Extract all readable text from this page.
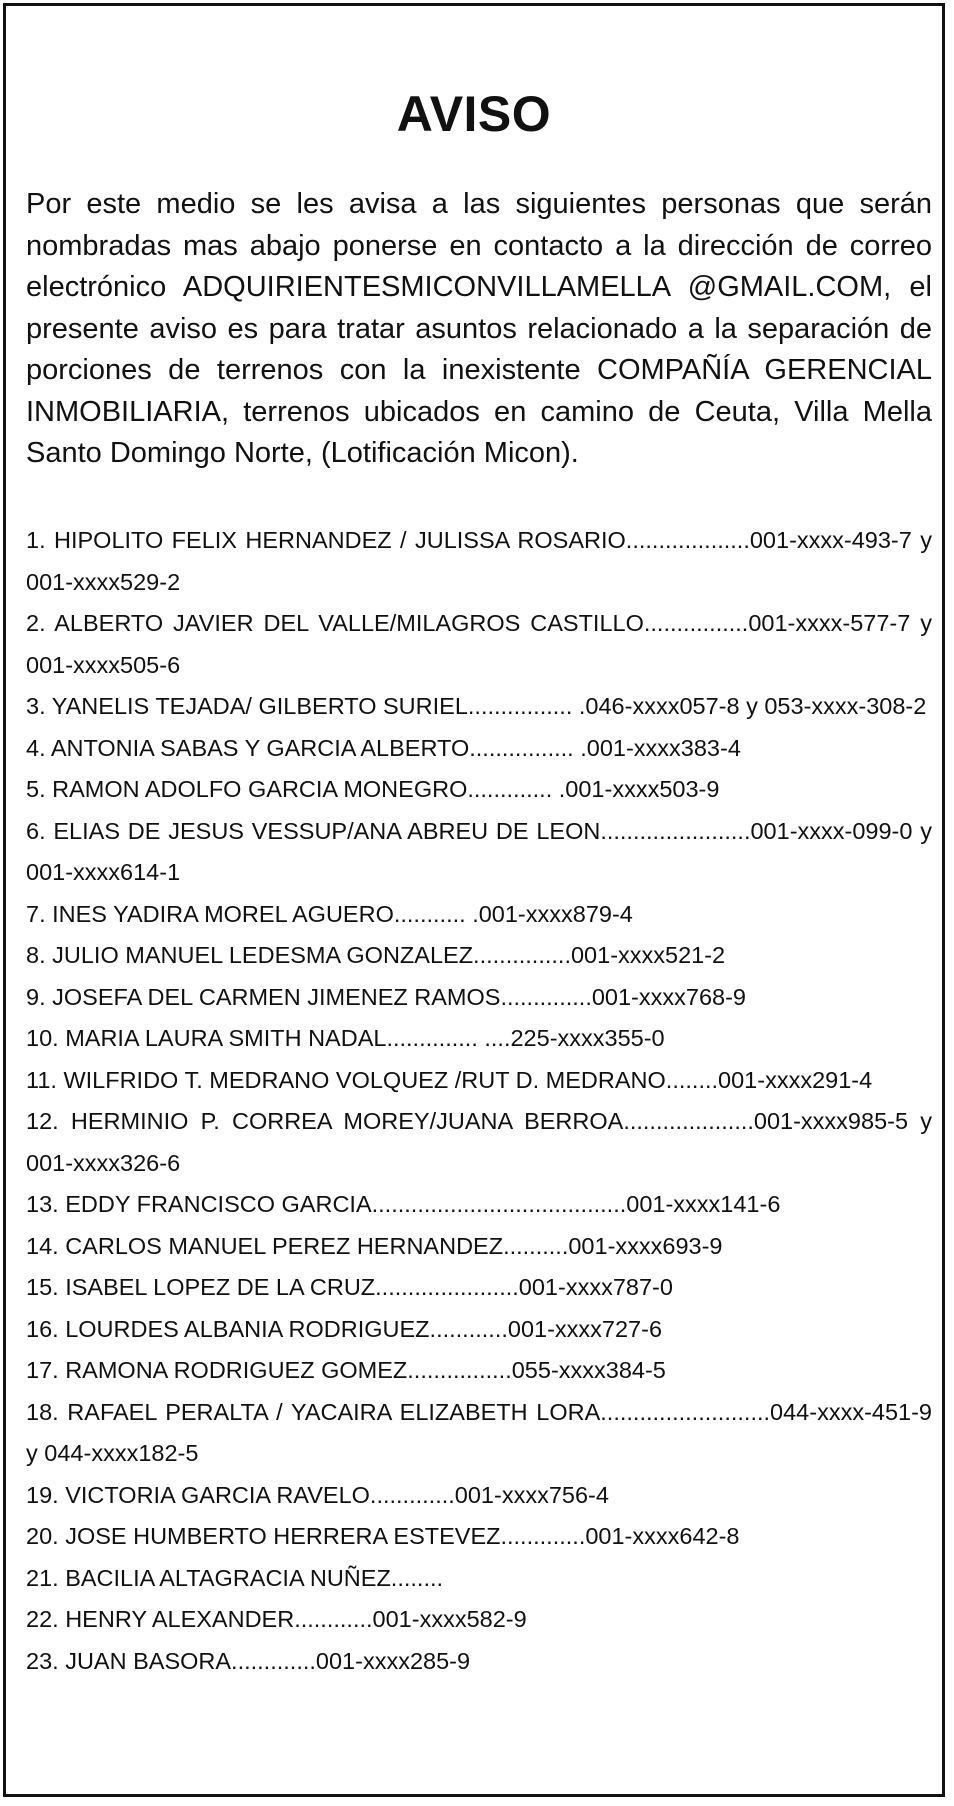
AVISO

Por este medio se les avisa a las siguientes personas que serán nombradas mas abajo ponerse en contacto a la dirección de correo electrónico ADQUIRIENTESMICONVILLAMELLA @GMAIL.COM, el presente aviso es para tratar asuntos relacionado a la separación de porciones de terrenos con la inexistente COMPAÑÍA GERENCIAL INMOBILIARIA, terrenos ubicados en camino de Ceuta, Villa Mella Santo Domingo Norte, (Lotificación Micon).

1. HIPOLITO FELIX HERNANDEZ / JULISSA ROSARIO...................001-xxxx-493-7 y 001-xxxx529-2
2. ALBERTO JAVIER DEL VALLE/MILAGROS CASTILLO................001-xxxx-577-7 y 001-xxxx505-6
3. YANELIS TEJADA/ GILBERTO SURIEL................ .046-xxxx057-8 y 053-xxxx-308-2
4. ANTONIA SABAS Y GARCIA ALBERTO................ .001-xxxx383-4
5. RAMON ADOLFO GARCIA MONEGRO............. .001-xxxx503-9
6. ELIAS DE JESUS VESSUP/ANA ABREU DE LEON.......................001-xxxx-099-0 y 001-xxxx614-1
7. INES YADIRA MOREL AGUERO........... .001-xxxx879-4
8. JULIO MANUEL LEDESMA GONZALEZ...............001-xxxx521-2
9. JOSEFA DEL CARMEN JIMENEZ RAMOS..............001-xxxx768-9
10. MARIA LAURA SMITH NADAL.............. ....225-xxxx355-0
11. WILFRIDO T. MEDRANO VOLQUEZ /RUT D. MEDRANO........001-xxxx291-4
12. HERMINIO P. CORREA MOREY/JUANA BERROA....................001-xxxx985-5 y 001-xxxx326-6
13. EDDY FRANCISCO GARCIA.......................................001-xxxx141-6
14. CARLOS MANUEL PEREZ HERNANDEZ..........001-xxxx693-9
15. ISABEL LOPEZ DE LA CRUZ......................001-xxxx787-0
16. LOURDES ALBANIA RODRIGUEZ............001-xxxx727-6
17. RAMONA RODRIGUEZ GOMEZ................055-xxxx384-5
18. RAFAEL PERALTA / YACAIRA ELIZABETH LORA..........................044-xxxx-451-9 y 044-xxxx182-5
19. VICTORIA GARCIA RAVELO.............001-xxxx756-4
20. JOSE HUMBERTO HERRERA ESTEVEZ.............001-xxxx642-8
21. BACILIA ALTAGRACIA NUÑEZ........
22. HENRY ALEXANDER............001-xxxx582-9
23. JUAN BASORA.............001-xxxx285-9
